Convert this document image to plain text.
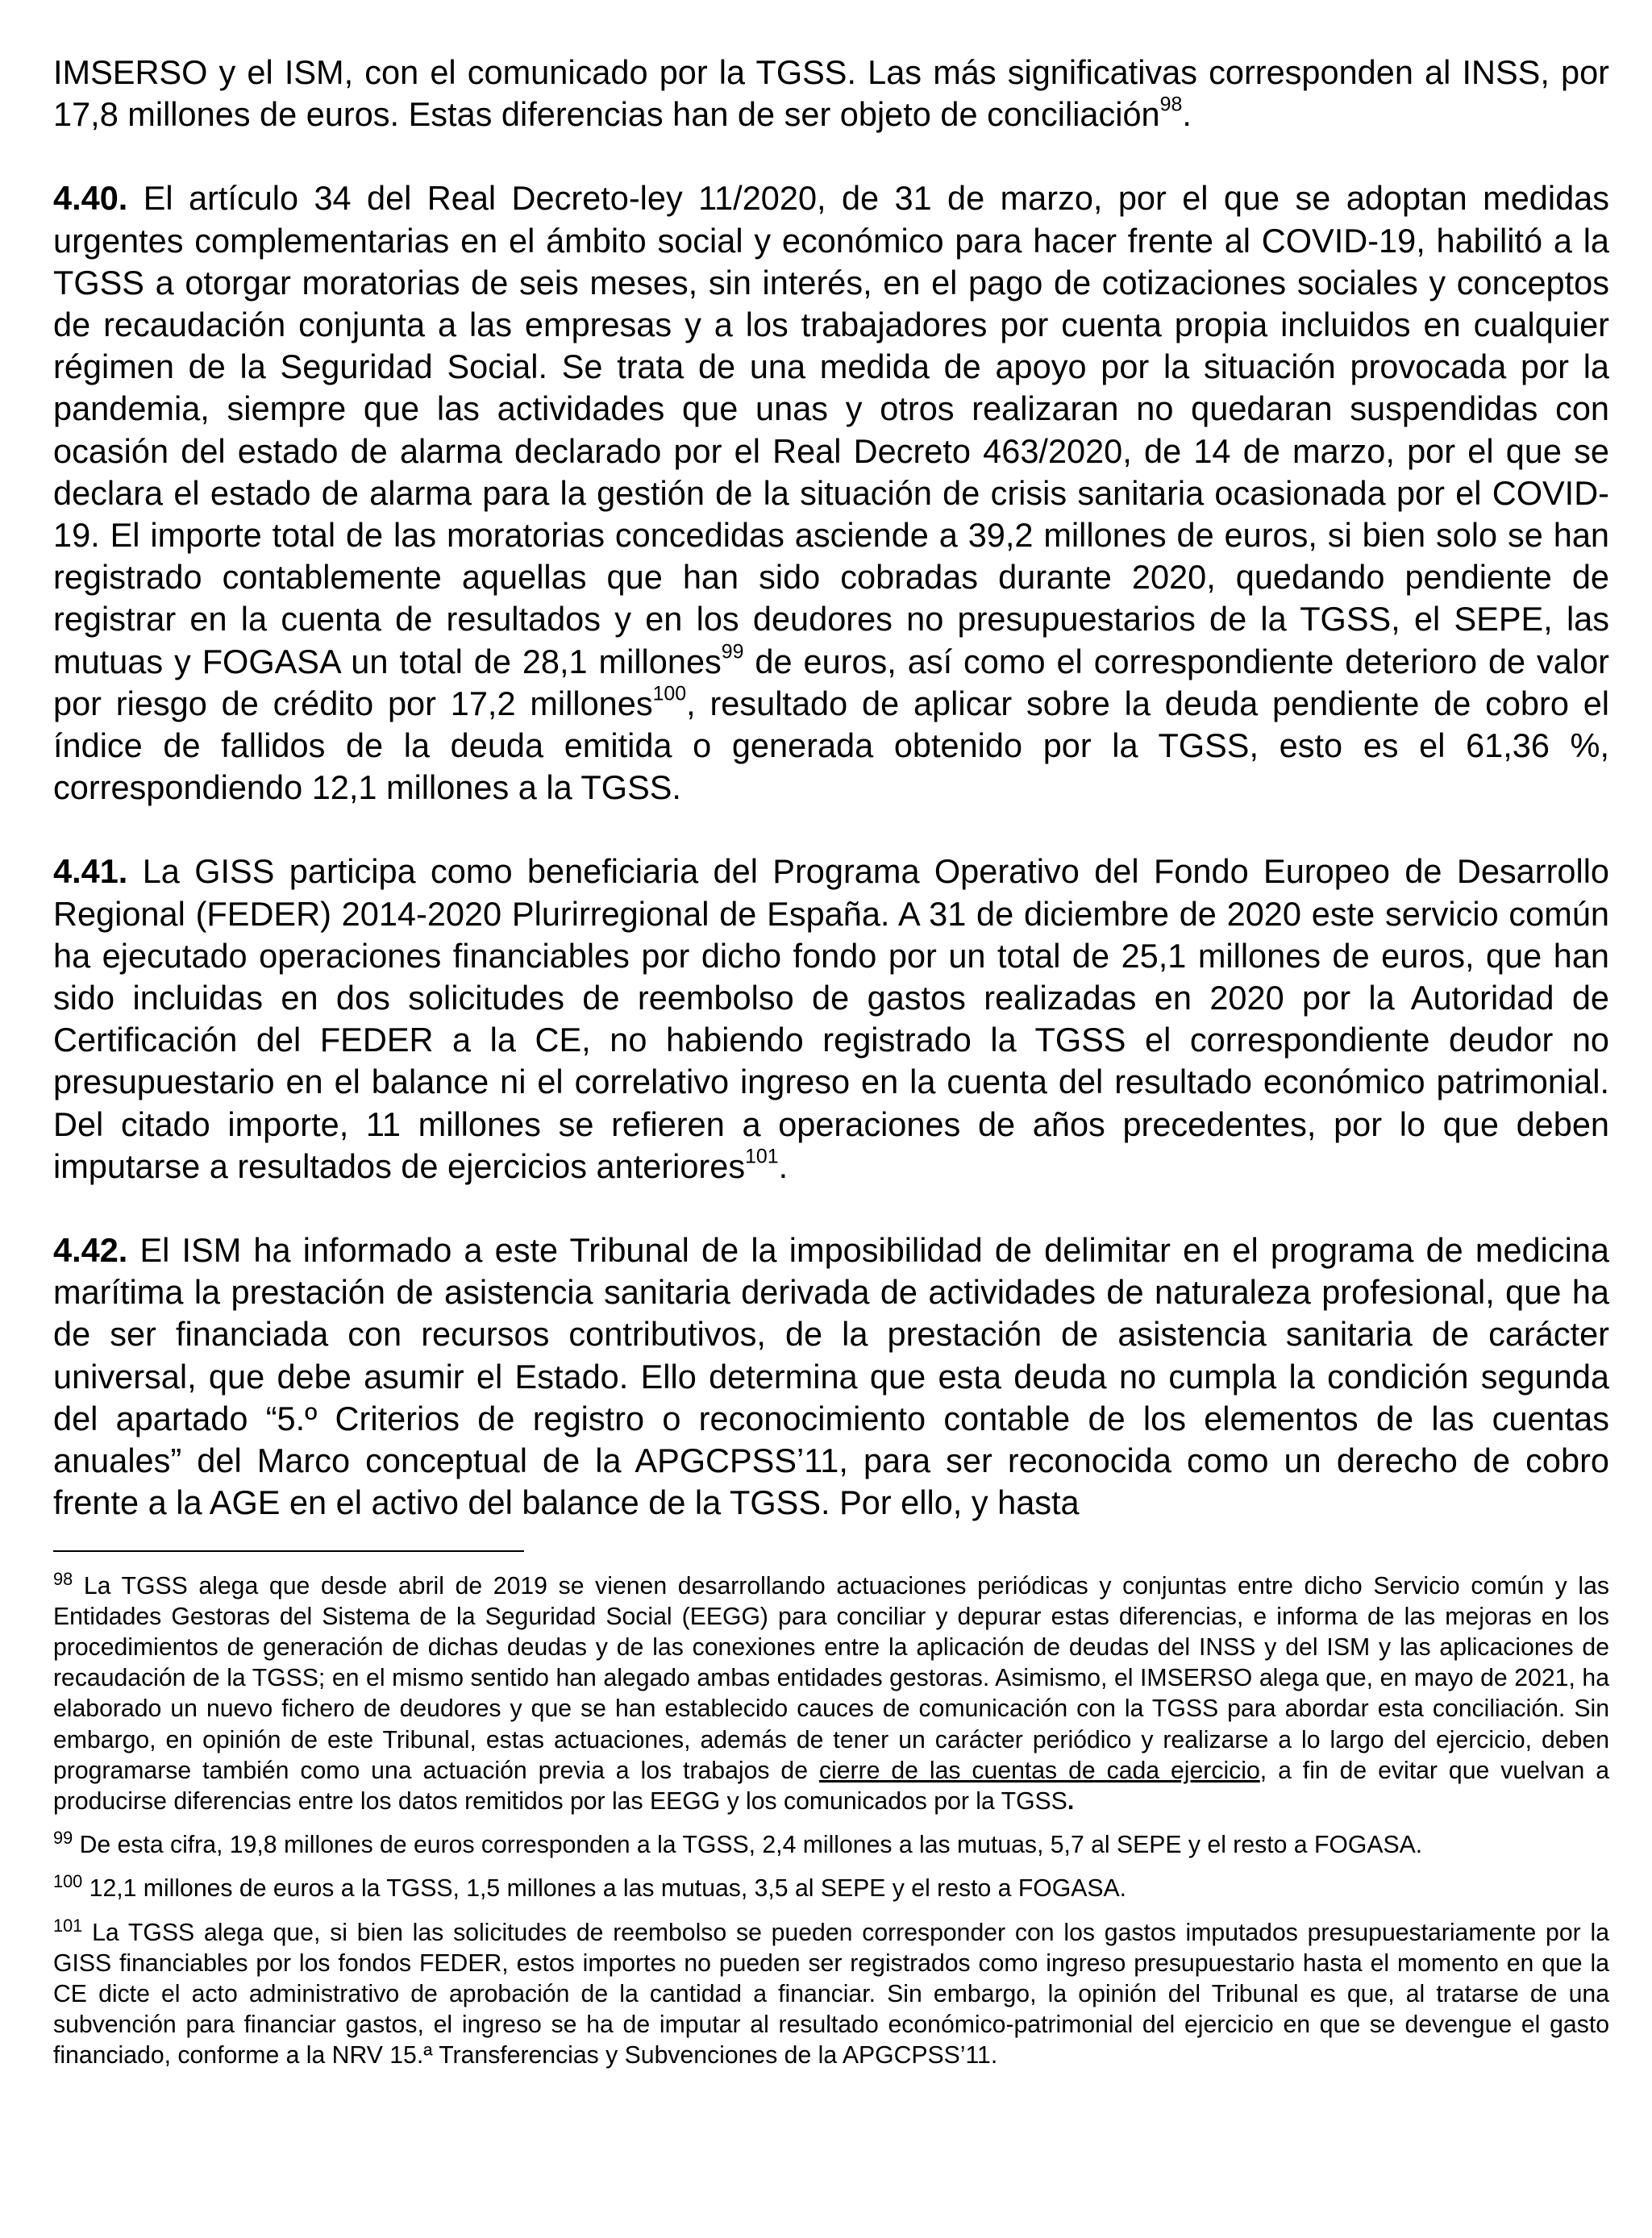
IMSERSO y el ISM, con el comunicado por la TGSS. Las más significativas corresponden al INSS, por 17,8 millones de euros. Estas diferencias han de ser objeto de conciliación$^{98}$.

4.40. El artículo 34 del Real Decreto-ley 11/2020, de 31 de marzo, por el que se adoptan medidas urgentes complementarias en el ámbito social y económico para hacer frente al COVID-19, habilitó a la TGSS a otorgar moratorias de seis meses, sin interés, en el pago de cotizaciones sociales y conceptos de recaudación conjunta a las empresas y a los trabajadores por cuenta propia incluidos en cualquier régimen de la Seguridad Social. Se trata de una medida de apoyo por la situación provocada por la pandemia, siempre que las actividades que unas y otros realizaran no quedaran suspendidas con ocasión del estado de alarma declarado por el Real Decreto 463/2020, de 14 de marzo, por el que se declara el estado de alarma para la gestión de la situación de crisis sanitaria ocasionada por el COVID-19. El importe total de las moratorias concedidas asciende a 39,2 millones de euros, si bien solo se han registrado contablemente aquellas que han sido cobradas durante 2020, quedando pendiente de registrar en la cuenta de resultados y en los deudores no presupuestarios de la TGSS, el SEPE, las mutuas y FOGASA un total de 28,1 millones$^{99}$ de euros, así como el correspondiente deterioro de valor por riesgo de crédito por 17,2 millones$^{100}$, resultado de aplicar sobre la deuda pendiente de cobro el índice de fallidos de la deuda emitida o generada obtenido por la TGSS, esto es el 61,36 %, correspondiendo 12,1 millones a la TGSS.

4.41. La GISS participa como beneficiaria del Programa Operativo del Fondo Europeo de Desarrollo Regional (FEDER) 2014-2020 Plurirregional de España. A 31 de diciembre de 2020 este servicio común ha ejecutado operaciones financiables por dicho fondo por un total de 25,1 millones de euros, que han sido incluidas en dos solicitudes de reembolso de gastos realizadas en 2020 por la Autoridad de Certificación del FEDER a la CE, no habiendo registrado la TGSS el correspondiente deudor no presupuestario en el balance ni el correlativo ingreso en la cuenta del resultado económico patrimonial. Del citado importe, 11 millones se refieren a operaciones de años precedentes, por lo que deben imputarse a resultados de ejercicios anteriores$^{101}$.

4.42. El ISM ha informado a este Tribunal de la imposibilidad de delimitar en el programa de medicina marítima la prestación de asistencia sanitaria derivada de actividades de naturaleza profesional, que ha de ser financiada con recursos contributivos, de la prestación de asistencia sanitaria de carácter universal, que debe asumir el Estado. Ello determina que esta deuda no cumpla la condición segunda del apartado “5.º Criterios de registro o reconocimiento contable de los elementos de las cuentas anuales” del Marco conceptual de la APGCPSS’11, para ser reconocida como un derecho de cobro frente a la AGE en el activo del balance de la TGSS. Por ello, y hasta

$^{98}$ La TGSS alega que desde abril de 2019 se vienen desarrollando actuaciones periódicas y conjuntas entre dicho Servicio común y las Entidades Gestoras del Sistema de la Seguridad Social (EEGG) para conciliar y depurar estas diferencias, e informa de las mejoras en los procedimientos de generación de dichas deudas y de las conexiones entre la aplicación de deudas del INSS y del ISM y las aplicaciones de recaudación de la TGSS; en el mismo sentido han alegado ambas entidades gestoras. Asimismo, el IMSERSO alega que, en mayo de 2021, ha elaborado un nuevo fichero de deudores y que se han establecido cauces de comunicación con la TGSS para abordar esta conciliación. Sin embargo, en opinión de este Tribunal, estas actuaciones, además de tener un carácter periódico y realizarse a lo largo del ejercicio, deben programarse también como una actuación previa a los trabajos de cierre de las cuentas de cada ejercicio, a fin de evitar que vuelvan a producirse diferencias entre los datos remitidos por las EEGG y los comunicados por la TGSS.

$^{99}$ De esta cifra, 19,8 millones de euros corresponden a la TGSS, 2,4 millones a las mutuas, 5,7 al SEPE y el resto a FOGASA.

$^{100}$ 12,1 millones de euros a la TGSS, 1,5 millones a las mutuas, 3,5 al SEPE y el resto a FOGASA.

$^{101}$ La TGSS alega que, si bien las solicitudes de reembolso se pueden corresponder con los gastos imputados presupuestariamente por la GISS financiables por los fondos FEDER, estos importes no pueden ser registrados como ingreso presupuestario hasta el momento en que la CE dicte el acto administrativo de aprobación de la cantidad a financiar. Sin embargo, la opinión del Tribunal es que, al tratarse de una subvención para financiar gastos, el ingreso se ha de imputar al resultado económico-patrimonial del ejercicio en que se devengue el gasto financiado, conforme a la NRV 15.ª Transferencias y Subvenciones de la APGCPSS’11.
